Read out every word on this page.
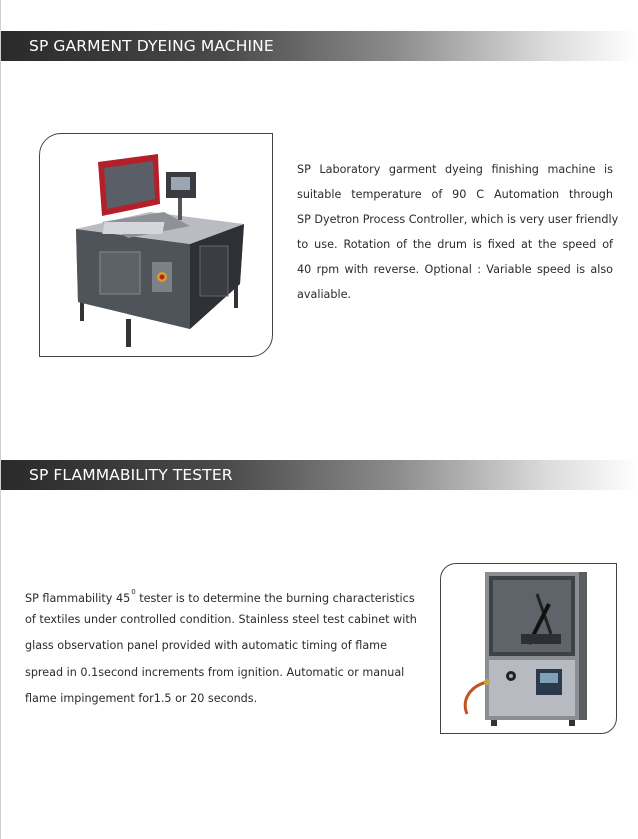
SP GARMENT DYEING MACHINE
SP Laboratory garment dyeing finishing machine is
suitable temperature of 90 C Automation through
SP Dyetron Process Controller, which is very user friendly
to use. Rotation of the drum is fixed at the speed of
40 rpm with reverse. Optional : Variable speed is also
avaliable.
SP FLAMMABILITY TESTER
SP flammability $45^0$ tester is to determine the burning characteristics
of textiles under controlled condition. Stainless steel test cabinet with
glass observation panel provided with automatic timing of flame
spread in 0.1second increments from ignition. Automatic or manual
flame impingement for1.5 or 20 seconds.
